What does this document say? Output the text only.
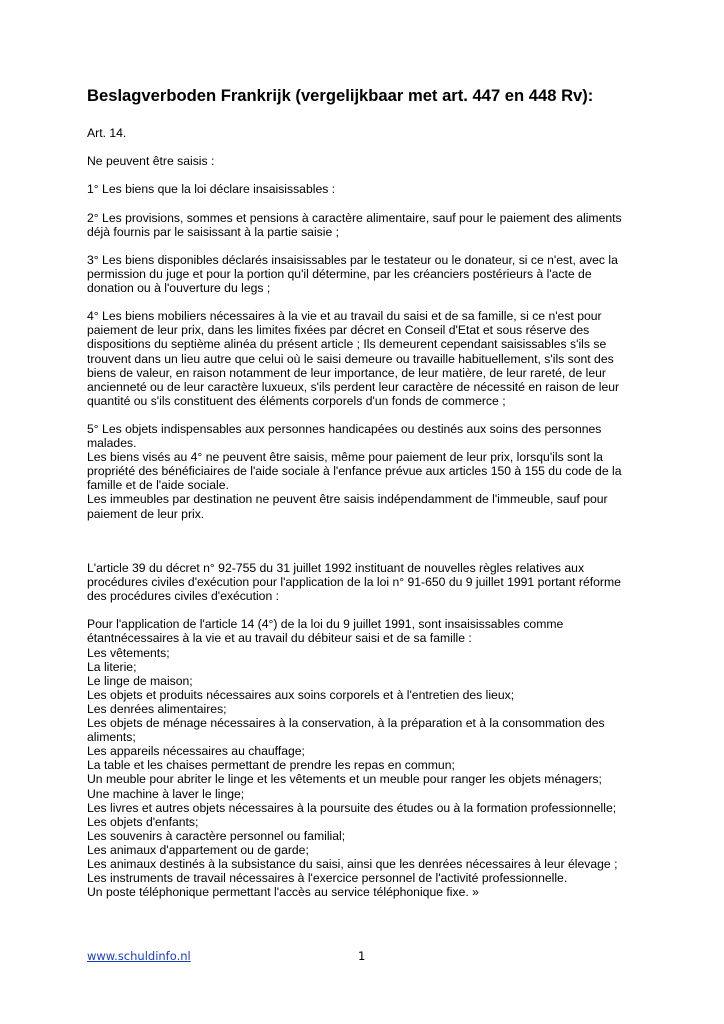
Beslagverboden Frankrijk (vergelijkbaar met art. 447 en 448 Rv):

Art. 14.

Ne peuvent être saisis :

1° Les biens que la loi déclare insaisissables :

2° Les provisions, sommes et pensions à caractère alimentaire, sauf pour le paiement des aliments
déjà fournis par le saisissant à la partie saisie ;

3° Les biens disponibles déclarés insaisissables par le testateur ou le donateur, si ce n'est, avec la
permission du juge et pour la portion qu'il détermine, par les créanciers postérieurs à l'acte de
donation ou à l'ouverture du legs ;

4° Les biens mobiliers nécessaires à la vie et au travail du saisi et de sa famille, si ce n'est pour
paiement de leur prix, dans les limites fixées par décret en Conseil d'Etat et sous réserve des
dispositions du septième alinéa du présent article ; Ils demeurent cependant saisissables s'ils se
trouvent dans un lieu autre que celui où le saisi demeure ou travaille habituellement, s'ils sont des
biens de valeur, en raison notamment de leur importance, de leur matière, de leur rareté, de leur
ancienneté ou de leur caractère luxueux, s'ils perdent leur caractère de nécessité en raison de leur
quantité ou s'ils constituent des éléments corporels d'un fonds de commerce ;

5° Les objets indispensables aux personnes handicapées ou destinés aux soins des personnes
malades.
Les biens visés au 4° ne peuvent être saisis, même pour paiement de leur prix, lorsqu'ils sont la
propriété des bénéficiaires de l'aide sociale à l'enfance prévue aux articles 150 à 155 du code de la
famille et de l'aide sociale.
Les immeubles par destination ne peuvent être saisis indépendamment de l'immeuble, sauf pour
paiement de leur prix.

L'article 39 du décret n° 92-755 du 31 juillet 1992 instituant de nouvelles règles relatives aux
procédures civiles d'exécution pour l'application de la loi n° 91-650 du 9 juillet 1991 portant réforme
des procédures civiles d'exécution :

Pour l'application de l'article 14 (4°) de la loi du 9 juillet 1991, sont insaisissables comme
étantnécessaires à la vie et au travail du débiteur saisi et de sa famille :
Les vêtements;
La literie;
Le linge de maison;
Les objets et produits nécessaires aux soins corporels et à l'entretien des lieux;
Les denrées alimentaires;
Les objets de ménage nécessaires à la conservation, à la préparation et à la consommation des
aliments;
Les appareils nécessaires au chauffage;
La table et les chaises permettant de prendre les repas en commun;
Un meuble pour abriter le linge et les vêtements et un meuble pour ranger les objets ménagers;
Une machine à laver le linge;
Les livres et autres objets nécessaires à la poursuite des études ou à la formation professionnelle;
Les objets d'enfants;
Les souvenirs à caractère personnel ou familial;
Les animaux d'appartement ou de garde;
Les animaux destinés à la subsistance du saisi, ainsi que les denrées nécessaires à leur élevage ;
Les instruments de travail nécessaires à l'exercice personnel de l'activité professionnelle.
Un poste téléphonique permettant l'accès au service téléphonique fixe. »

www.schuldinfo.nl	1
